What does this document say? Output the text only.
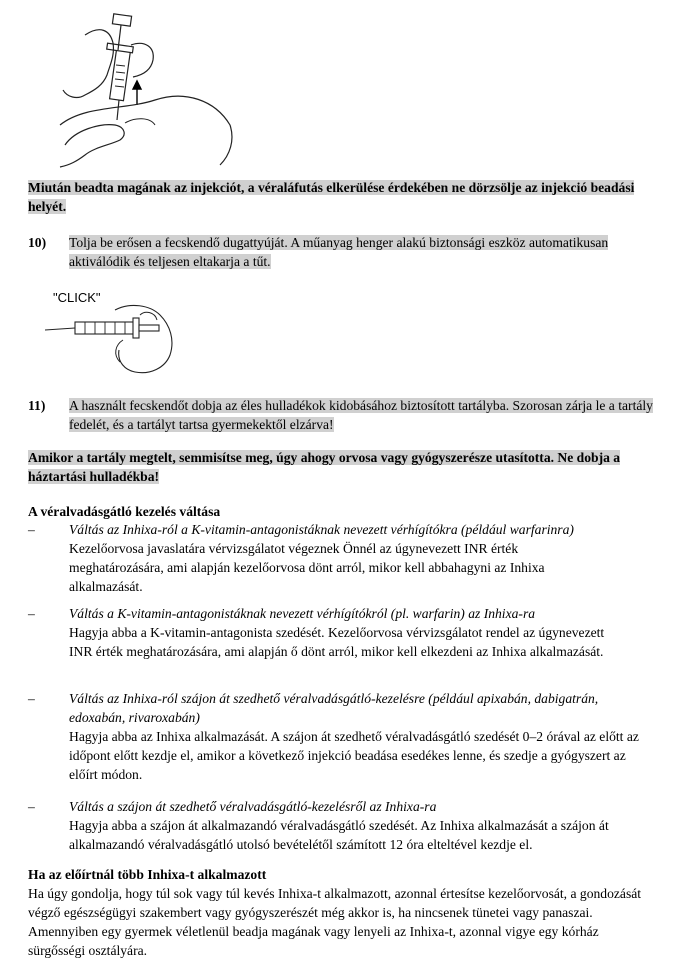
Miután beadta magának az injekciót, a véraláfutás elkerülése érdekében ne dörzsölje az injekció beadási helyét.
10) Tolja be erősen a fecskendő dugattyúját. A műanyag henger alakú biztonsági eszköz automatikusan aktiválódik és teljesen eltakarja a tűt.
"CLICK"
11) A használt fecskendőt dobja az éles hulladékok kidobásához biztosított tartályba. Szorosan zárja le a tartály fedelét, és a tartályt tartsa gyermekektől elzárva!
Amikor a tartály megtelt, semmisítse meg, úgy ahogy orvosa vagy gyógyszerésze utasította. Ne dobja a háztartási hulladékba!
A véralvadásgátló kezelés váltása
–	Váltás az Inhixa-ról a K-vitamin-antagonistáknak nevezett vérhígítókra (például warfarinra)
Kezelőorvosa javaslatára vérvizsgálatot végeznek Önnél az úgynevezett INR érték meghatározására, ami alapján kezelőorvosa dönt arról, mikor kell abbahagyni az Inhixa alkalmazását.
–	Váltás a K-vitamin-antagonistáknak nevezett vérhígítókról (pl. warfarin) az Inhixa-ra
Hagyja abba a K-vitamin-antagonista szedését. Kezelőorvosa vérvizsgálatot rendel az úgynevezett INR érték meghatározására, ami alapján ő dönt arról, mikor kell elkezdeni az Inhixa alkalmazását.
–	Váltás az Inhixa-ról szájon át szedhető véralvadásgátló-kezelésre (például apixabán, dabigatrán, edoxabán, rivaroxabán)
Hagyja abba az Inhixa alkalmazását. A szájon át szedhető véralvadásgátló szedését 0–2 órával az előtt az időpont előtt kezdje el, amikor a következő injekció beadása esedékes lenne, és szedje a gyógyszert az előírt módon.
–	Váltás a szájon át szedhető véralvadásgátló-kezelésről az Inhixa-ra
Hagyja abba a szájon át alkalmazandó véralvadásgátló szedését. Az Inhixa alkalmazását a szájon át alkalmazandó véralvadásgátló utolsó bevételétől számított 12 óra elteltével kezdje el.
Ha az előírtnál több Inhixa-t alkalmazott
Ha úgy gondolja, hogy túl sok vagy túl kevés Inhixa-t alkalmazott, azonnal értesítse kezelőorvosát, a gondozását végző egészségügyi szakembert vagy gyógyszerészét még akkor is, ha nincsenek tünetei vagy panaszai. Amennyiben egy gyermek véletlenül beadja magának vagy lenyeli az Inhixa-t, azonnal vigye egy kórház sürgősségi osztályára.
